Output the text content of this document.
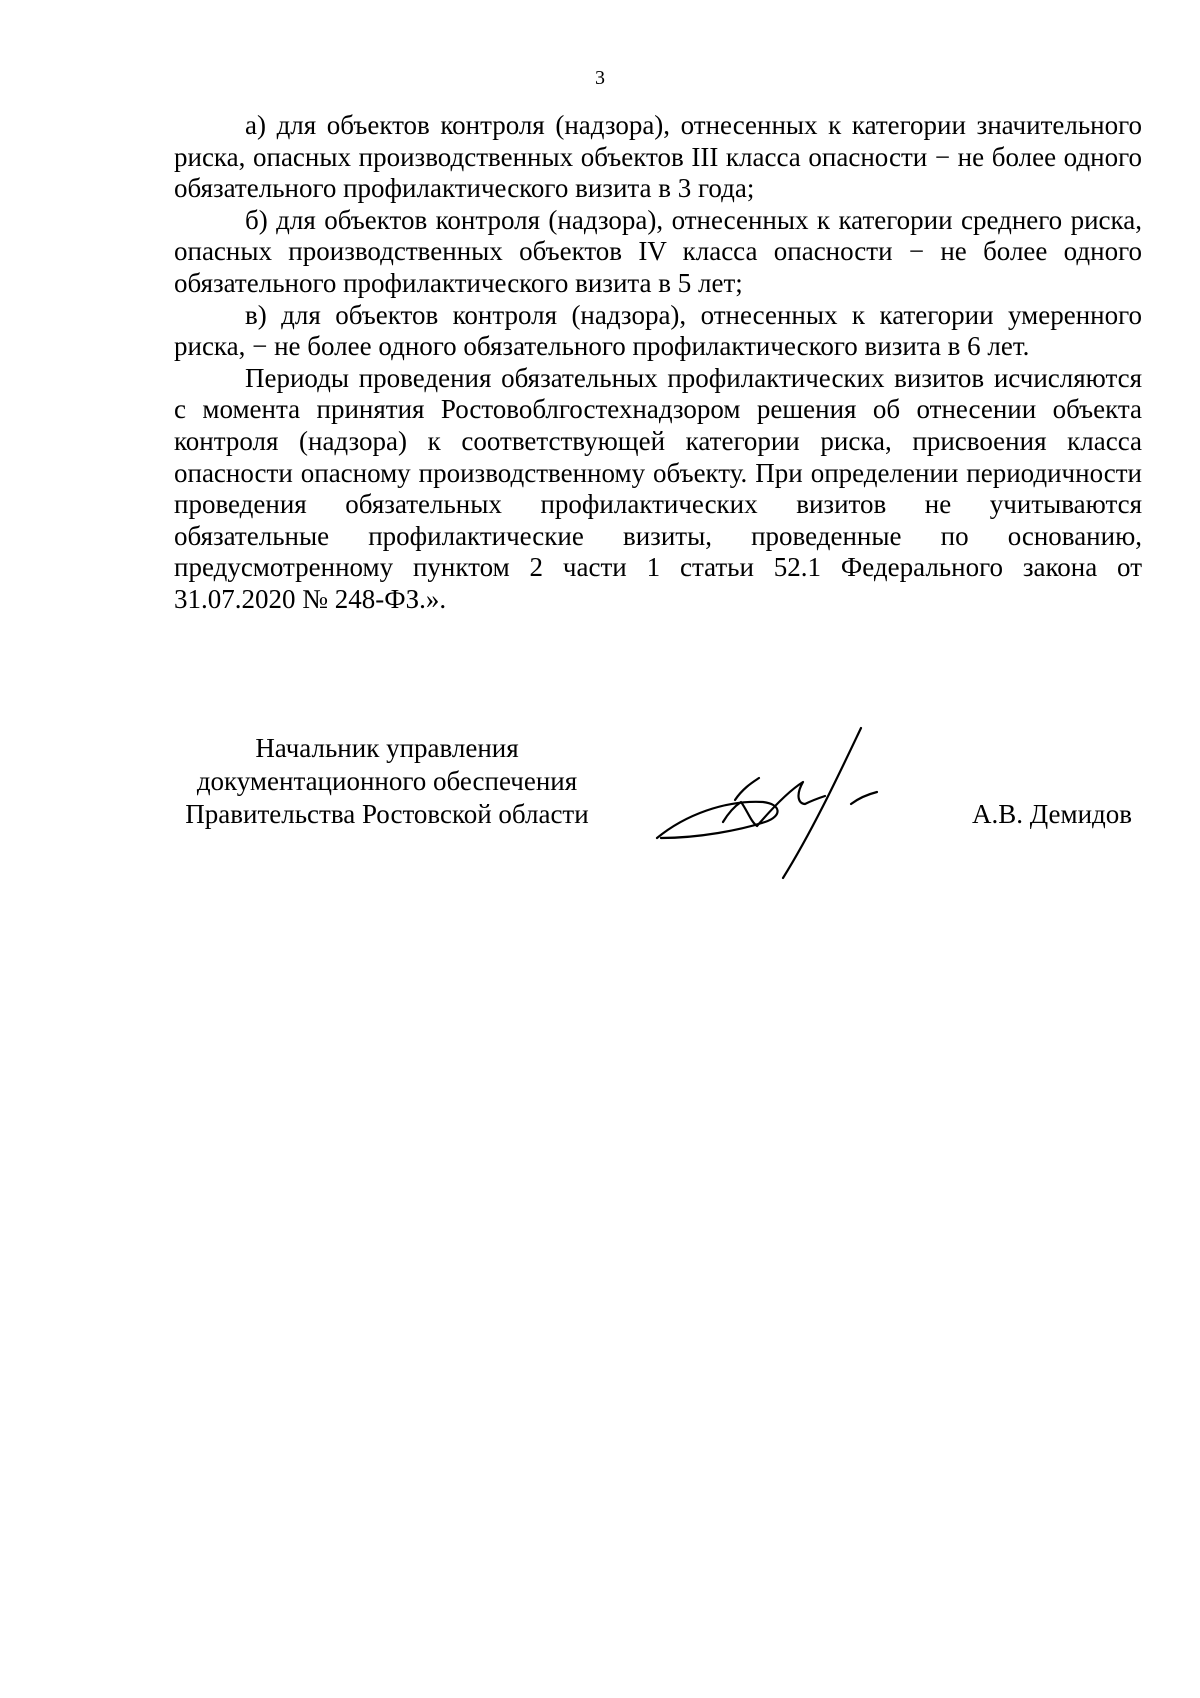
3

а) для объектов контроля (надзора), отнесенных к категории значительного риска, опасных производственных объектов III класса опасности − не более одного обязательного профилактического визита в 3 года;

б) для объектов контроля (надзора), отнесенных к категории среднего риска, опасных производственных объектов IV класса опасности − не более одного обязательного профилактического визита в 5 лет;

в) для объектов контроля (надзора), отнесенных к категории умеренного риска, − не более одного обязательного профилактического визита в 6 лет.

Периоды проведения обязательных профилактических визитов исчисляются с момента принятия Ростовоблгостехнадзором решения об отнесении объекта контроля (надзора) к соответствующей категории риска, присвоения класса опасности опасному производственному объекту. При определении периодичности проведения обязательных профилактических визитов не учитываются обязательные профилактические визиты, проведенные по основанию, предусмотренному пунктом 2 части 1 статьи 52.1 Федерального закона от 31.07.2020 № 248-ФЗ.».

Начальник управления
документационного обеспечения
Правительства Ростовской области	А.В. Демидов
